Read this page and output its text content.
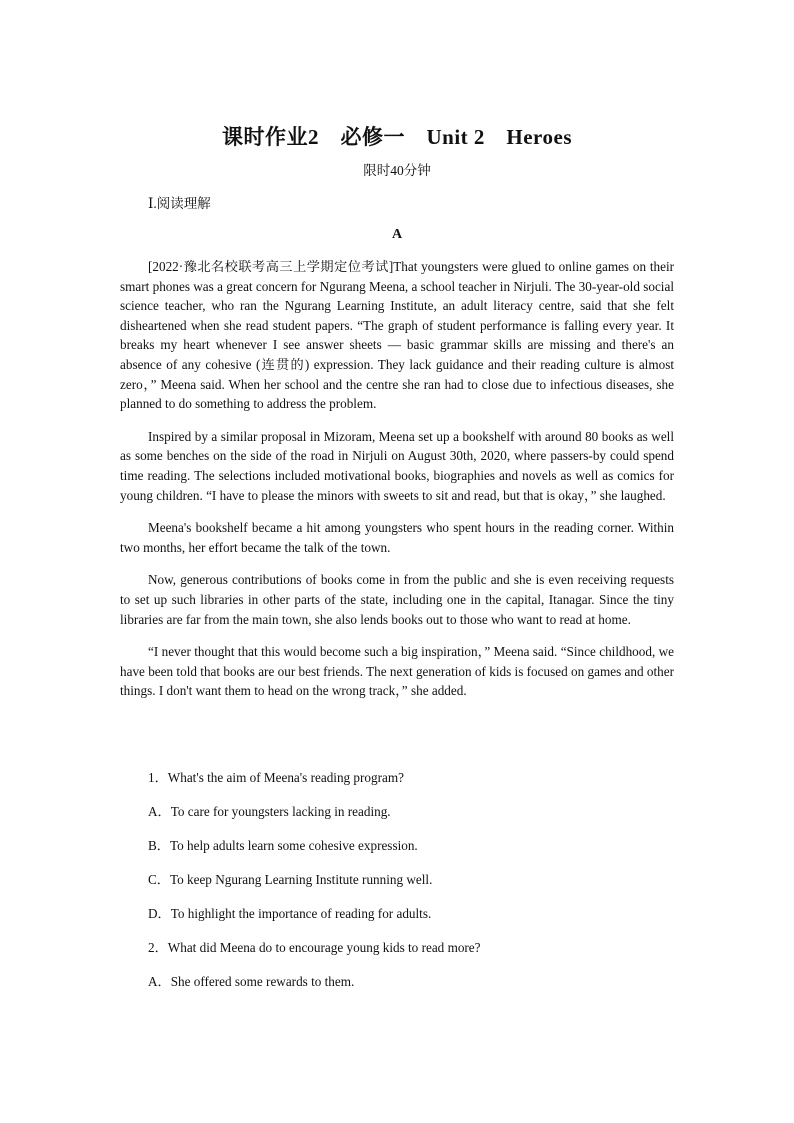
课时作业2　必修一　Unit 2　Heroes
限时40分钟
Ⅰ.阅读理解
A

[2022·豫北名校联考高三上学期定位考试]That youngsters were glued to online games on their smart phones was a great concern for Ngurang Meena, a school teacher in Nirjuli. The 30-year-old social science teacher, who ran the Ngurang Learning Institute, an adult literacy centre, said that she felt disheartened when she read student papers. “The graph of student performance is falling every year. It breaks my heart whenever I see answer sheets — basic grammar skills are missing and there's an absence of any cohesive (连贯的) expression. They lack guidance and their reading culture is almost zero，” Meena said. When her school and the centre she ran had to close due to infectious diseases, she planned to do something to address the problem.

Inspired by a similar proposal in Mizoram, Meena set up a bookshelf with around 80 books as well as some benches on the side of the road in Nirjuli on August 30th, 2020, where passers-by could spend time reading. The selections included motivational books, biographies and novels as well as comics for young children. “I have to please the minors with sweets to sit and read, but that is okay，” she laughed.

Meena's bookshelf became a hit among youngsters who spent hours in the reading corner. Within two months, her effort became the talk of the town.

Now, generous contributions of books come in from the public and she is even receiving requests to set up such libraries in other parts of the state, including one in the capital, Itanagar. Since the tiny libraries are far from the main town, she also lends books out to those who want to read at home.

“I never thought that this would become such a big inspiration，” Meena said. “Since childhood, we have been told that books are our best friends. The next generation of kids is focused on games and other things. I don't want them to head on the wrong track，” she added.

1．What's the aim of Meena's reading program?
A．To care for youngsters lacking in reading.
B．To help adults learn some cohesive expression.
C．To keep Ngurang Learning Institute running well.
D．To highlight the importance of reading for adults.
2．What did Meena do to encourage young kids to read more?
A．She offered some rewards to them.
